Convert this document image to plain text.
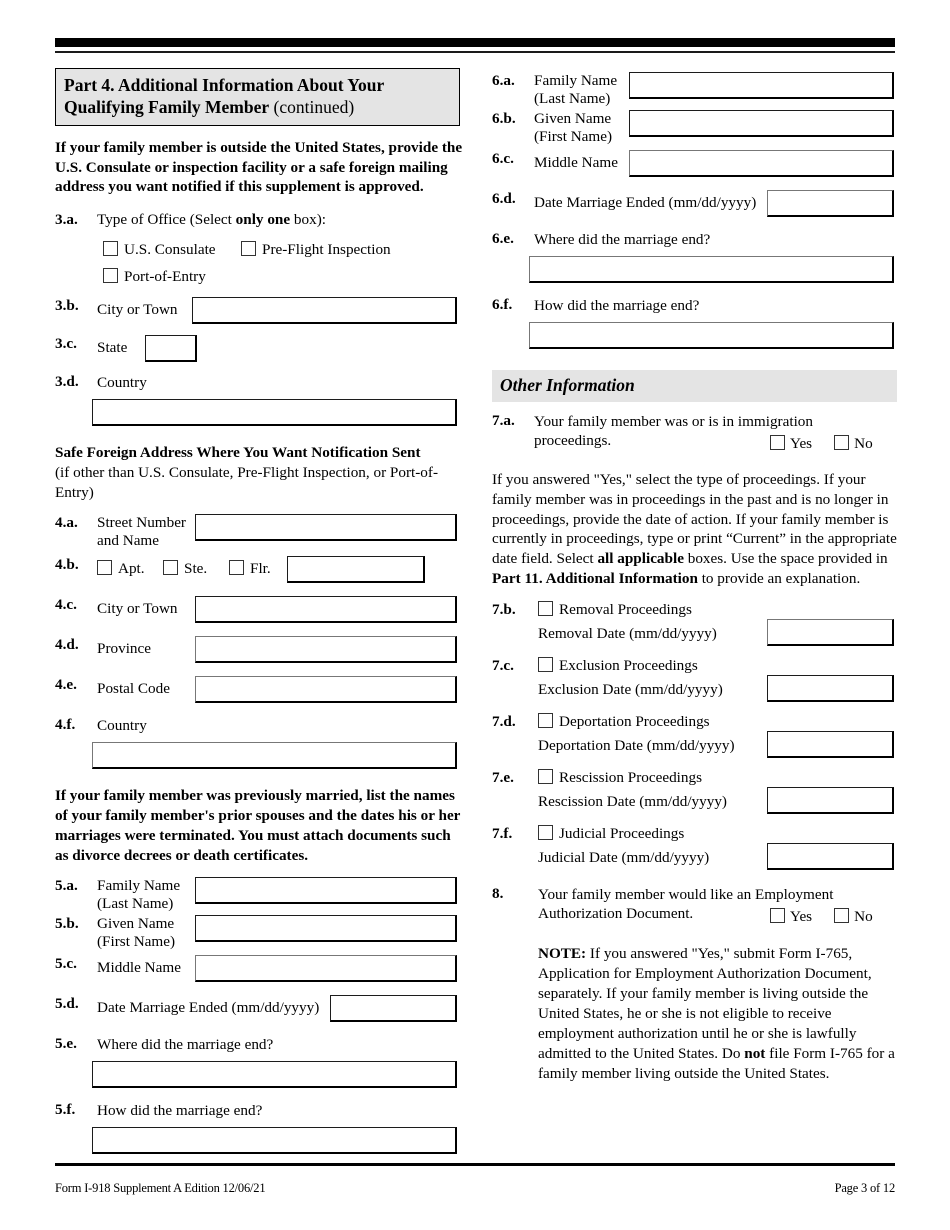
Part 4. Additional Information About Your Qualifying Family Member (continued)

If your family member is outside the United States, provide the U.S. Consulate or inspection facility or a safe foreign mailing address you want notified if this supplement is approved.

3.a.	Type of Office (Select only one box):
U.S. Consulate	Pre-Flight Inspection
Port-of-Entry
3.b.	City or Town
3.c.	State
3.d.	Country

Safe Foreign Address Where You Want Notification Sent
(if other than U.S. Consulate, Pre-Flight Inspection, or Port-of-Entry)

4.a.	Street Number
and Name
4.b.	Apt.	Ste.	Flr.
4.c.	City or Town
4.d.	Province
4.e.	Postal Code
4.f.	Country

If your family member was previously married, list the names of your family member's prior spouses and the dates his or her marriages were terminated. You must attach documents such as divorce decrees or death certificates.

5.a.	Family Name
(Last Name)
5.b.	Given Name
(First Name)
5.c.	Middle Name
5.d.	Date Marriage Ended (mm/dd/yyyy)
5.e.	Where did the marriage end?
5.f.	How did the marriage end?
6.a.	Family Name
(Last Name)
6.b.	Given Name
(First Name)
6.c.	Middle Name
6.d.	Date Marriage Ended (mm/dd/yyyy)
6.e.	Where did the marriage end?
6.f.	How did the marriage end?
Other Information
7.a.	Your family member was or is in immigration proceedings.	Yes	No

If you answered "Yes," select the type of proceedings. If your family member was in proceedings in the past and is no longer in proceedings, provide the date of action. If your family member is currently in proceedings, type or print “Current” in the appropriate date field. Select all applicable boxes. Use the space provided in Part 11. Additional Information to provide an explanation.

7.b.	Removal Proceedings
Removal Date (mm/dd/yyyy)
7.c.	Exclusion Proceedings
Exclusion Date (mm/dd/yyyy)
7.d.	Deportation Proceedings
Deportation Date (mm/dd/yyyy)
7.e.	Rescission Proceedings
Rescission Date (mm/dd/yyyy)
7.f.	Judicial Proceedings
Judicial Date (mm/dd/yyyy)
8.	Your family member would like an Employment Authorization Document.	Yes	No

NOTE: If you answered "Yes," submit Form I-765, Application for Employment Authorization Document, separately. If your family member is living outside the United States, he or she is not eligible to receive employment authorization until he or she is lawfully admitted to the United States. Do not file Form I-765 for a family member living outside the United States.

Form I-918 Supplement A Edition 12/06/21	Page 3 of 12
